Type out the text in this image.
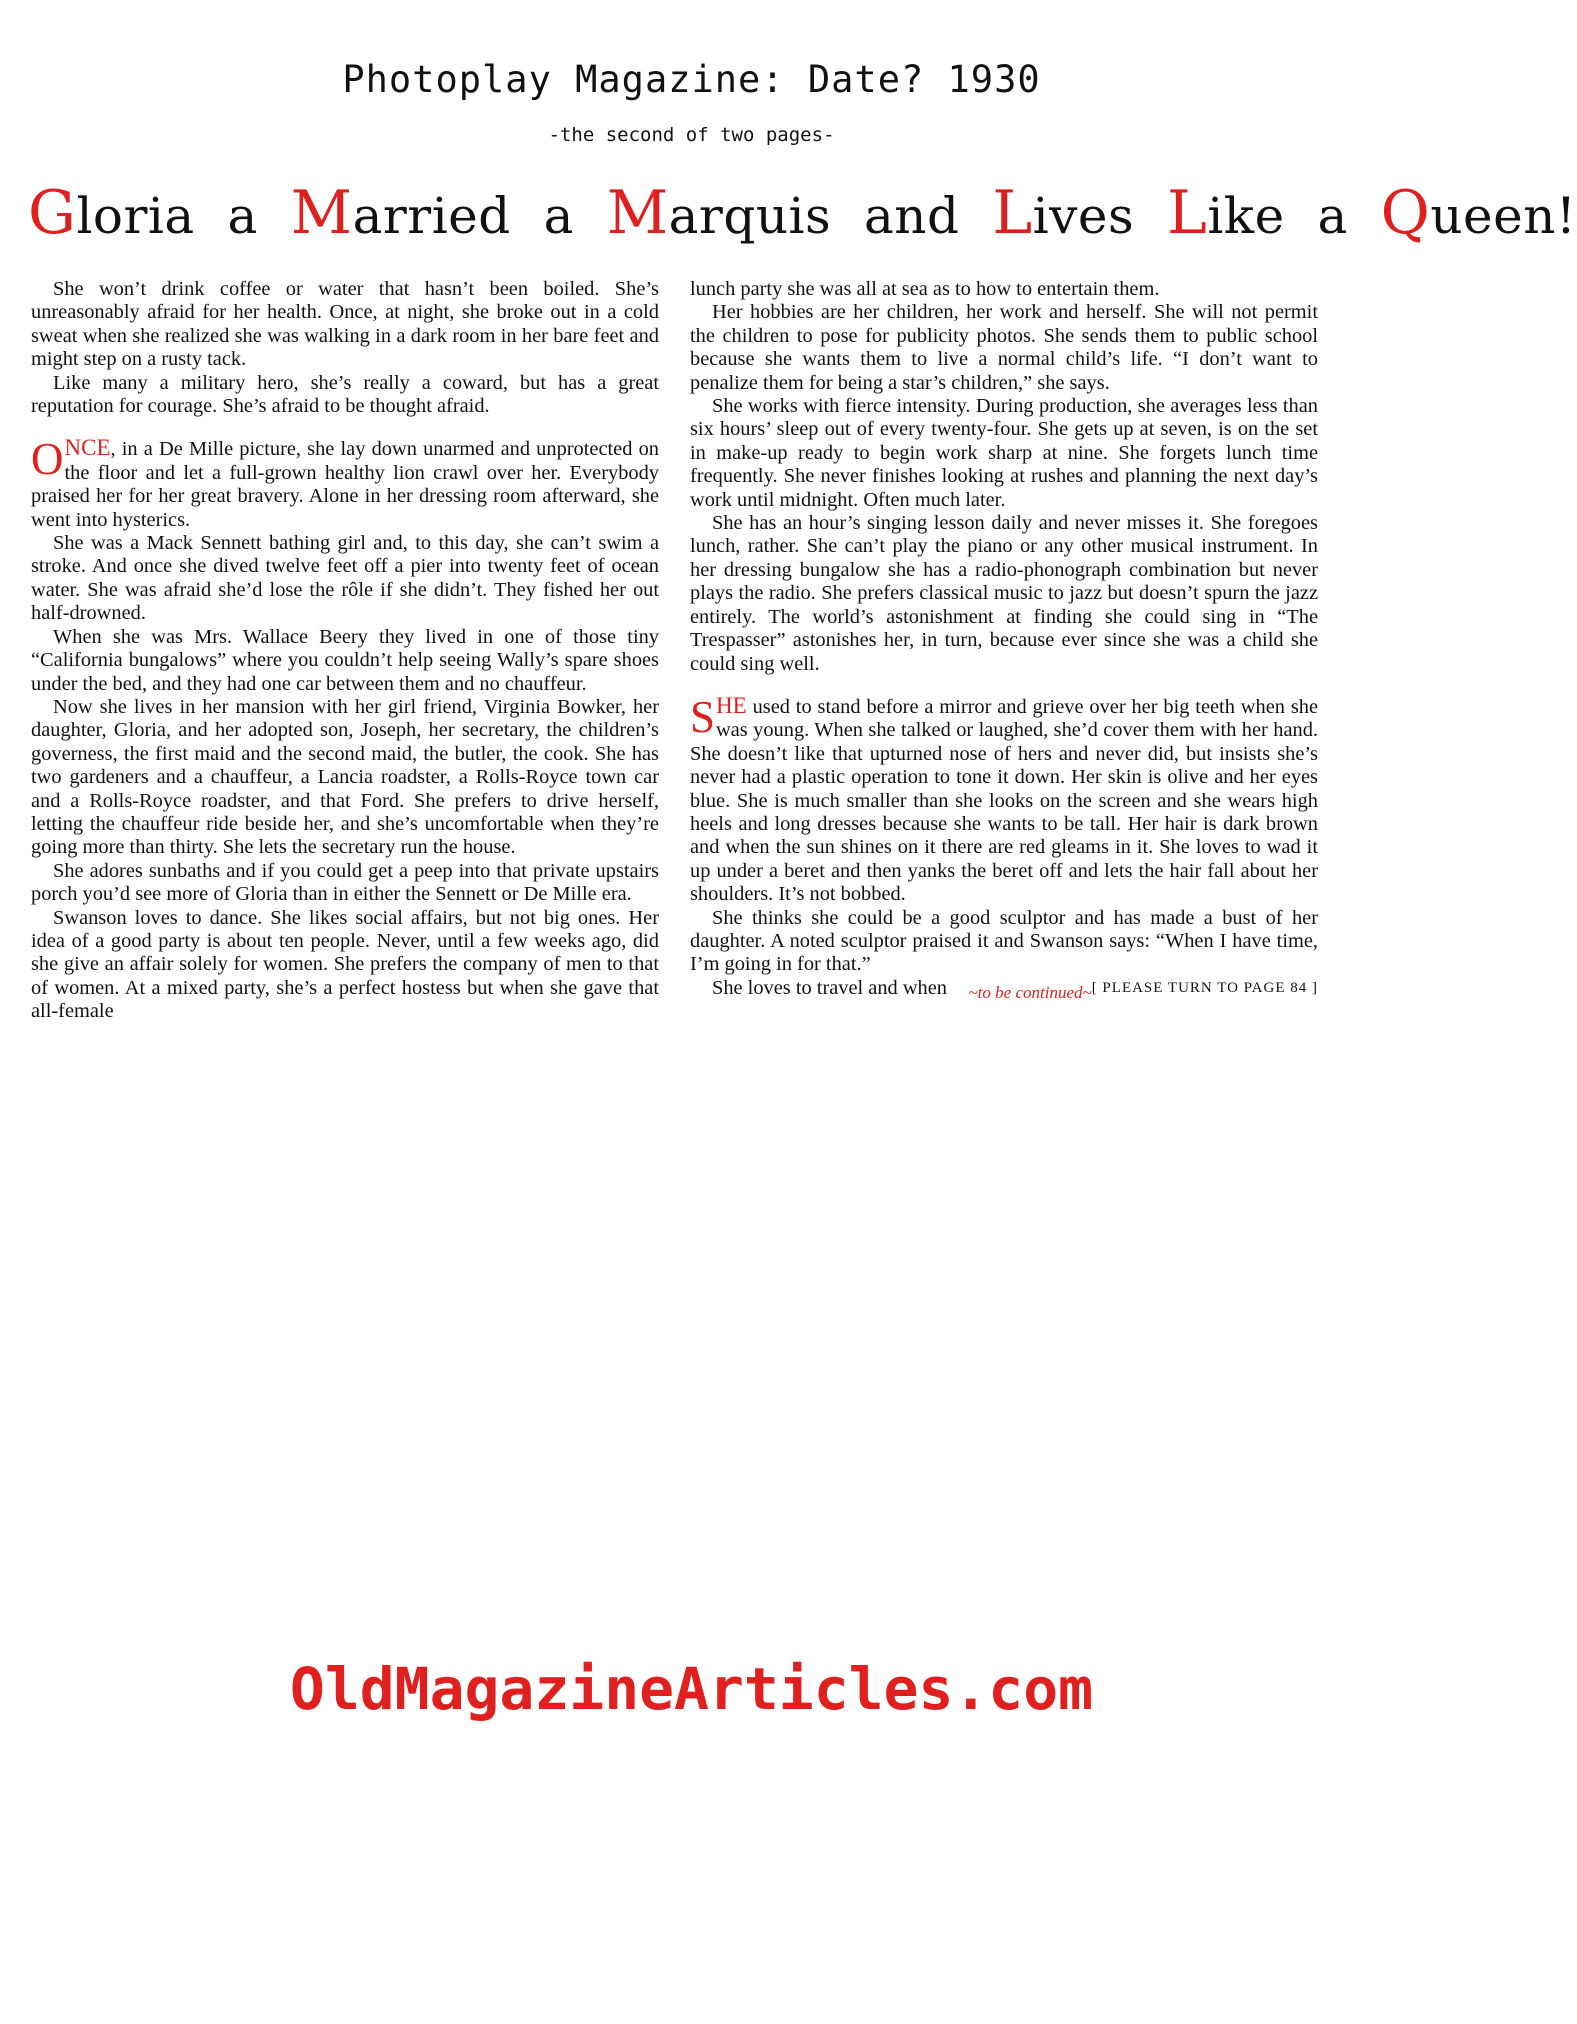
Photoplay Magazine: Date? 1930
-the second of two pages-
Gloria a Married a Marquis and Lives Like a Queen!

She won’t drink coffee or water that hasn’t been boiled. She’s unreasonably afraid for her health. Once, at night, she broke out in a cold sweat when she realized she was walking in a dark room in her bare feet and might step on a rusty tack.

Like many a military hero, she’s really a coward, but has a great reputation for courage. She’s afraid to be thought afraid.

ONCE, in a De Mille picture, she lay down unarmed and unprotected on the floor and let a full-grown healthy lion crawl over her. Everybody praised her for her great bravery. Alone in her dressing room afterward, she went into hysterics.

She was a Mack Sennett bathing girl and, to this day, she can’t swim a stroke. And once she dived twelve feet off a pier into twenty feet of ocean water. She was afraid she’d lose the rôle if she didn’t. They fished her out half-drowned.

When she was Mrs. Wallace Beery they lived in one of those tiny “California bungalows” where you couldn’t help seeing Wally’s spare shoes under the bed, and they had one car between them and no chauffeur.

Now she lives in her mansion with her girl friend, Virginia Bowker, her daughter, Gloria, and her adopted son, Joseph, her secretary, the children’s governess, the first maid and the second maid, the butler, the cook. She has two gardeners and a chauffeur, a Lancia roadster, a Rolls-Royce town car and a Rolls-Royce roadster, and that Ford. She prefers to drive herself, letting the chauffeur ride beside her, and she’s uncomfortable when they’re going more than thirty. She lets the secretary run the house.

She adores sunbaths and if you could get a peep into that private upstairs porch you’d see more of Gloria than in either the Sennett or De Mille era.

Swanson loves to dance. She likes social affairs, but not big ones. Her idea of a good party is about ten people. Never, until a few weeks ago, did she give an affair solely for women. She prefers the company of men to that of women. At a mixed party, she’s a perfect hostess but when she gave that all-female

lunch party she was all at sea as to how to entertain them.

Her hobbies are her children, her work and herself. She will not permit the children to pose for publicity photos. She sends them to public school because she wants them to live a normal child’s life. “I don’t want to penalize them for being a star’s children,” she says.

She works with fierce intensity. During production, she averages less than six hours’ sleep out of every twenty-four. She gets up at seven, is on the set in make-up ready to begin work sharp at nine. She forgets lunch time frequently. She never finishes looking at rushes and planning the next day’s work until midnight. Often much later.

She has an hour’s singing lesson daily and never misses it. She foregoes lunch, rather. She can’t play the piano or any other musical instrument. In her dressing bungalow she has a radio-phonograph combination but never plays the radio. She prefers classical music to jazz but doesn’t spurn the jazz entirely. The world’s astonishment at finding she could sing in “The Trespasser” astonishes her, in turn, because ever since she was a child she could sing well.

SHE used to stand before a mirror and grieve over her big teeth when she was young. When she talked or laughed, she’d cover them with her hand. She doesn’t like that upturned nose of hers and never did, but insists she’s never had a plastic operation to tone it down. Her skin is olive and her eyes blue. She is much smaller than she looks on the screen and she wears high heels and long dresses because she wants to be tall. Her hair is dark brown and when the sun shines on it there are red gleams in it. She loves to wad it up under a beret and then yanks the beret off and lets the hair fall about her shoulders. It’s not bobbed.

She thinks she could be a good sculptor and has made a bust of her daughter. A noted sculptor praised it and Swanson says: “When I have time, I’m going in for that.”

She loves to travel and when	[ PLEASE TURN TO PAGE 84 ]
~to be continued~
OldMagazineArticles.com
